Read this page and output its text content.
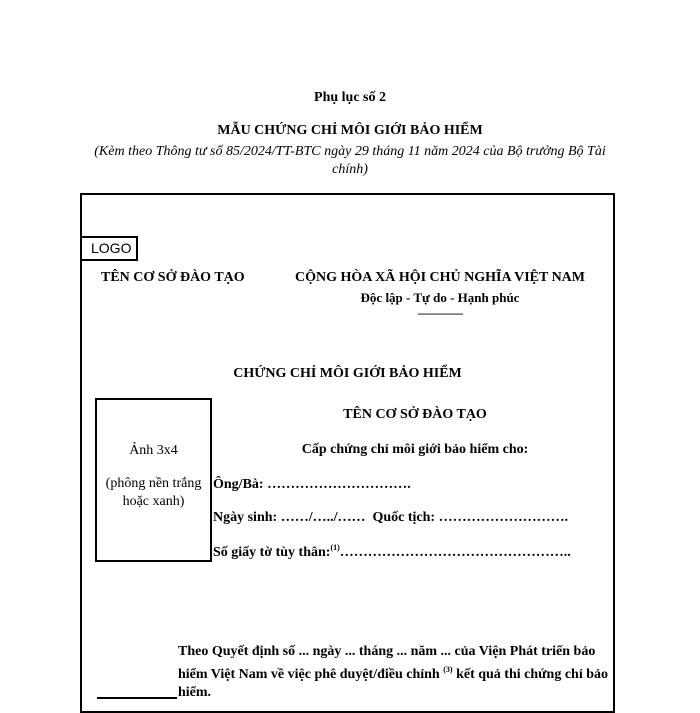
Phụ lục số 2
MẪU CHỨNG CHỈ MÔI GIỚI BẢO HIỂM
(Kèm theo Thông tư số 85/2024/TT-BTC ngày 29 tháng 11 năm 2024 của Bộ trưởng Bộ Tài chính)
LOGO
TÊN CƠ SỞ ĐÀO TẠO	CỘNG HÒA XÃ HỘI CHỦ NGHĨA VIỆT NAM
Độc lập - Tự do - Hạnh phúc
---------------
CHỨNG CHỈ MÔI GIỚI BẢO HIỂM
Ảnh 3x4
(phông nền trắng hoặc xanh)
TÊN CƠ SỞ ĐÀO TẠO
Cấp chứng chỉ môi giới bảo hiểm cho:
Ông/Bà: ………………………….
Ngày sinh: ……/…../……  Quốc tịch: ……………………….
Số giấy tờ tùy thân:$^{(1)}$…………………………………………..
Theo Quyết định số ... ngày ... tháng ... năm ... của Viện Phát triển bảo hiểm Việt Nam về việc phê duyệt/điều chỉnh $^{(3)}$ kết quả thi chứng chỉ bảo hiểm.
